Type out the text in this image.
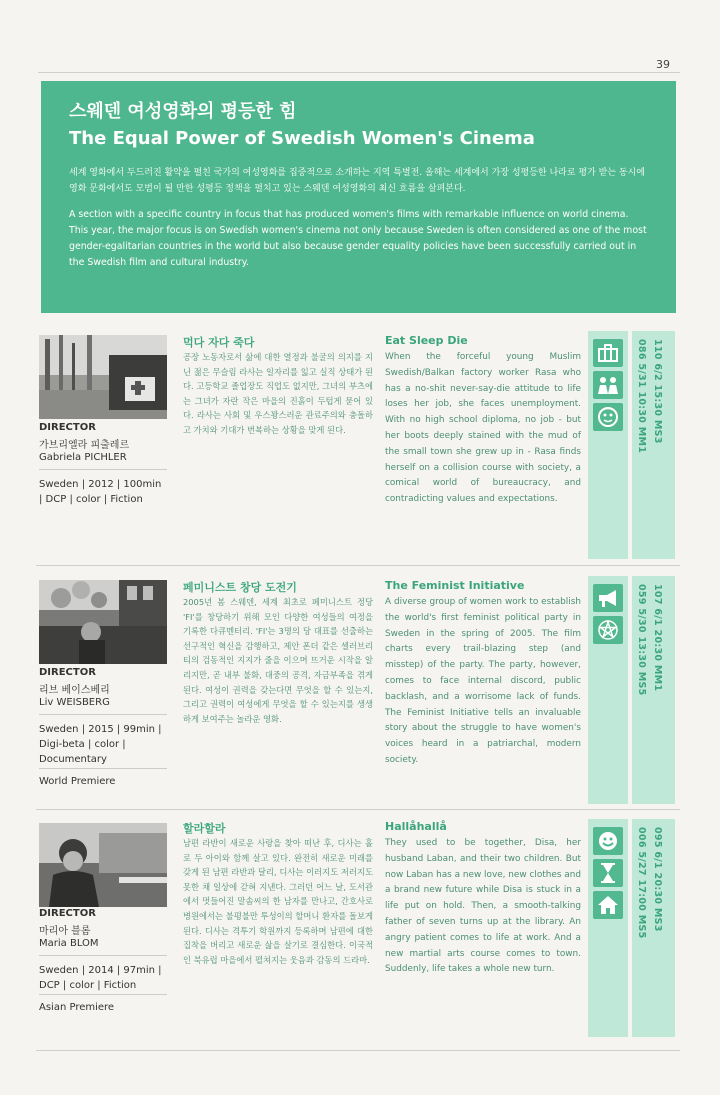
39

스웨덴 여성영화의 평등한 힘

The Equal Power of Swedish Women's Cinema

세계 영화에서 두드러진 활약을 펼친 국가의 여성영화를 집중적으로 소개하는 지역 특별전. 올해는 세계에서 가장 성평등한 나라로 평가 받는 동시에 영화 문화에서도 모범이 될 만한 성평등 정책을 펼치고 있는 스웨덴 여성영화의 최신 흐름을 살펴본다.

A section with a specific country in focus that has produced women's films with remarkable influence on world cinema. This year, the major focus is on Swedish women's cinema not only because Sweden is often considered as one of the most gender-egalitarian countries in the world but also because gender equality policies have been successfully carried out in the Swedish film and cultural industry.

DIRECTOR
가브리엘라 피출레르
Gabriela PICHLER
Sweden | 2012 | 100min | DCP | color | Fiction
먹다 자다 죽다
공장 노동자로서 삶에 대한 열정과 불굴의 의지를 지닌 젊은 무슬림 라사는 일자리를 잃고 실직 상태가 된다. 고등학교 졸업장도 직업도 없지만, 그녀의 부츠에는 그녀가 자란 작은 마을의 진흙이 두텁게 묻어 있다. 라사는 사회 및 우스꽝스러운 관료주의와 충돌하고 가치와 기대가 번복하는 상황을 맞게 된다.
Eat Sleep Die
When the forceful young Muslim Swedish/Balkan factory worker Rasa who has a no-shit never-say-die attitude to life loses her job, she faces unemployment. With no high school diploma, no job - but her boots deeply stained with the mud of the small town she grew up in - Rasa finds herself on a collision course with society, a comical world of bureaucracy, and contradicting values and expectations.
086 5/31 10:30 MM1 110 6/2 15:30 MS3
DIRECTOR
리브 베이스베리
Liv WEISBERG
Sweden | 2015 | 99min | Digi-beta | color | Documentary
World Premiere
페미니스트 창당 도전기
2005년 봄 스웨덴, 세계 최초로 페미니스트 정당 'FI'를 창당하기 위해 모인 다양한 여성들의 여정을 기록한 다큐멘터리. 'FI'는 3명의 당 대표를 선출하는 선구적인 혁신을 감행하고, 제안 폰더 같은 셀러브리티의 검동적인 지지가 줄을 이으며 뜨거운 시작을 알리지만, 곧 내부 불화, 대중의 공격, 자금부족을 겪게 된다. 여성이 권력을 갖는다면 무엇을 할 수 있는지, 그리고 권력이 여성에게 무엇을 할 수 있는지를 생생하게 보여주는 놀라운 영화.
The Feminist Initiative
A diverse group of women work to establish the world's first feminist political party in Sweden in the spring of 2005. The film charts every trail-blazing step (and misstep) of the party. The party, however, comes to face internal discord, public backlash, and a worrisome lack of funds. The Feminist Initiative tells an invaluable story about the struggle to have women's voices heard in a patriarchal, modern society.
059 5/30 13:30 MS5 107 6/1 20:30 MM1
DIRECTOR
마리아 블롬
Maria BLOM
Sweden | 2014 | 97min | DCP | color | Fiction
Asian Premiere
할라할라
남편 라반이 새로운 사랑을 찾아 떠난 후, 디사는 홀로 두 아이와 함께 살고 있다. 완전히 새로운 미래를 갖게 된 남편 라반과 달리, 디사는 이러지도 저러지도 못한 채 일상에 갇혀 지낸다. 그러던 어느 날, 도서관에서 멋들어진 말솜씨의 한 남자를 만나고, 간호사로 병원에서는 불평불만 투성이의 할머니 환자를 돌보게 된다. 디사는 격투기 학원까지 등록하며 남편에 대한 집착을 버리고 새로운 삶을 살기로 결심한다. 이국적인 북유럽 마을에서 펼쳐지는 웃음과 감동의 드라마.
Hallåhallå
They used to be together, Disa, her husband Laban, and their two children. But now Laban has a new love, new clothes and a brand new future while Disa is stuck in a life put on hold. Then, a smooth-talking father of seven turns up at the library. An angry patient comes to life at work. And a new martial arts course comes to town. Suddenly, life takes a whole new turn.
006 5/27 17:00 MS5 095 6/1 20:30 MS3
